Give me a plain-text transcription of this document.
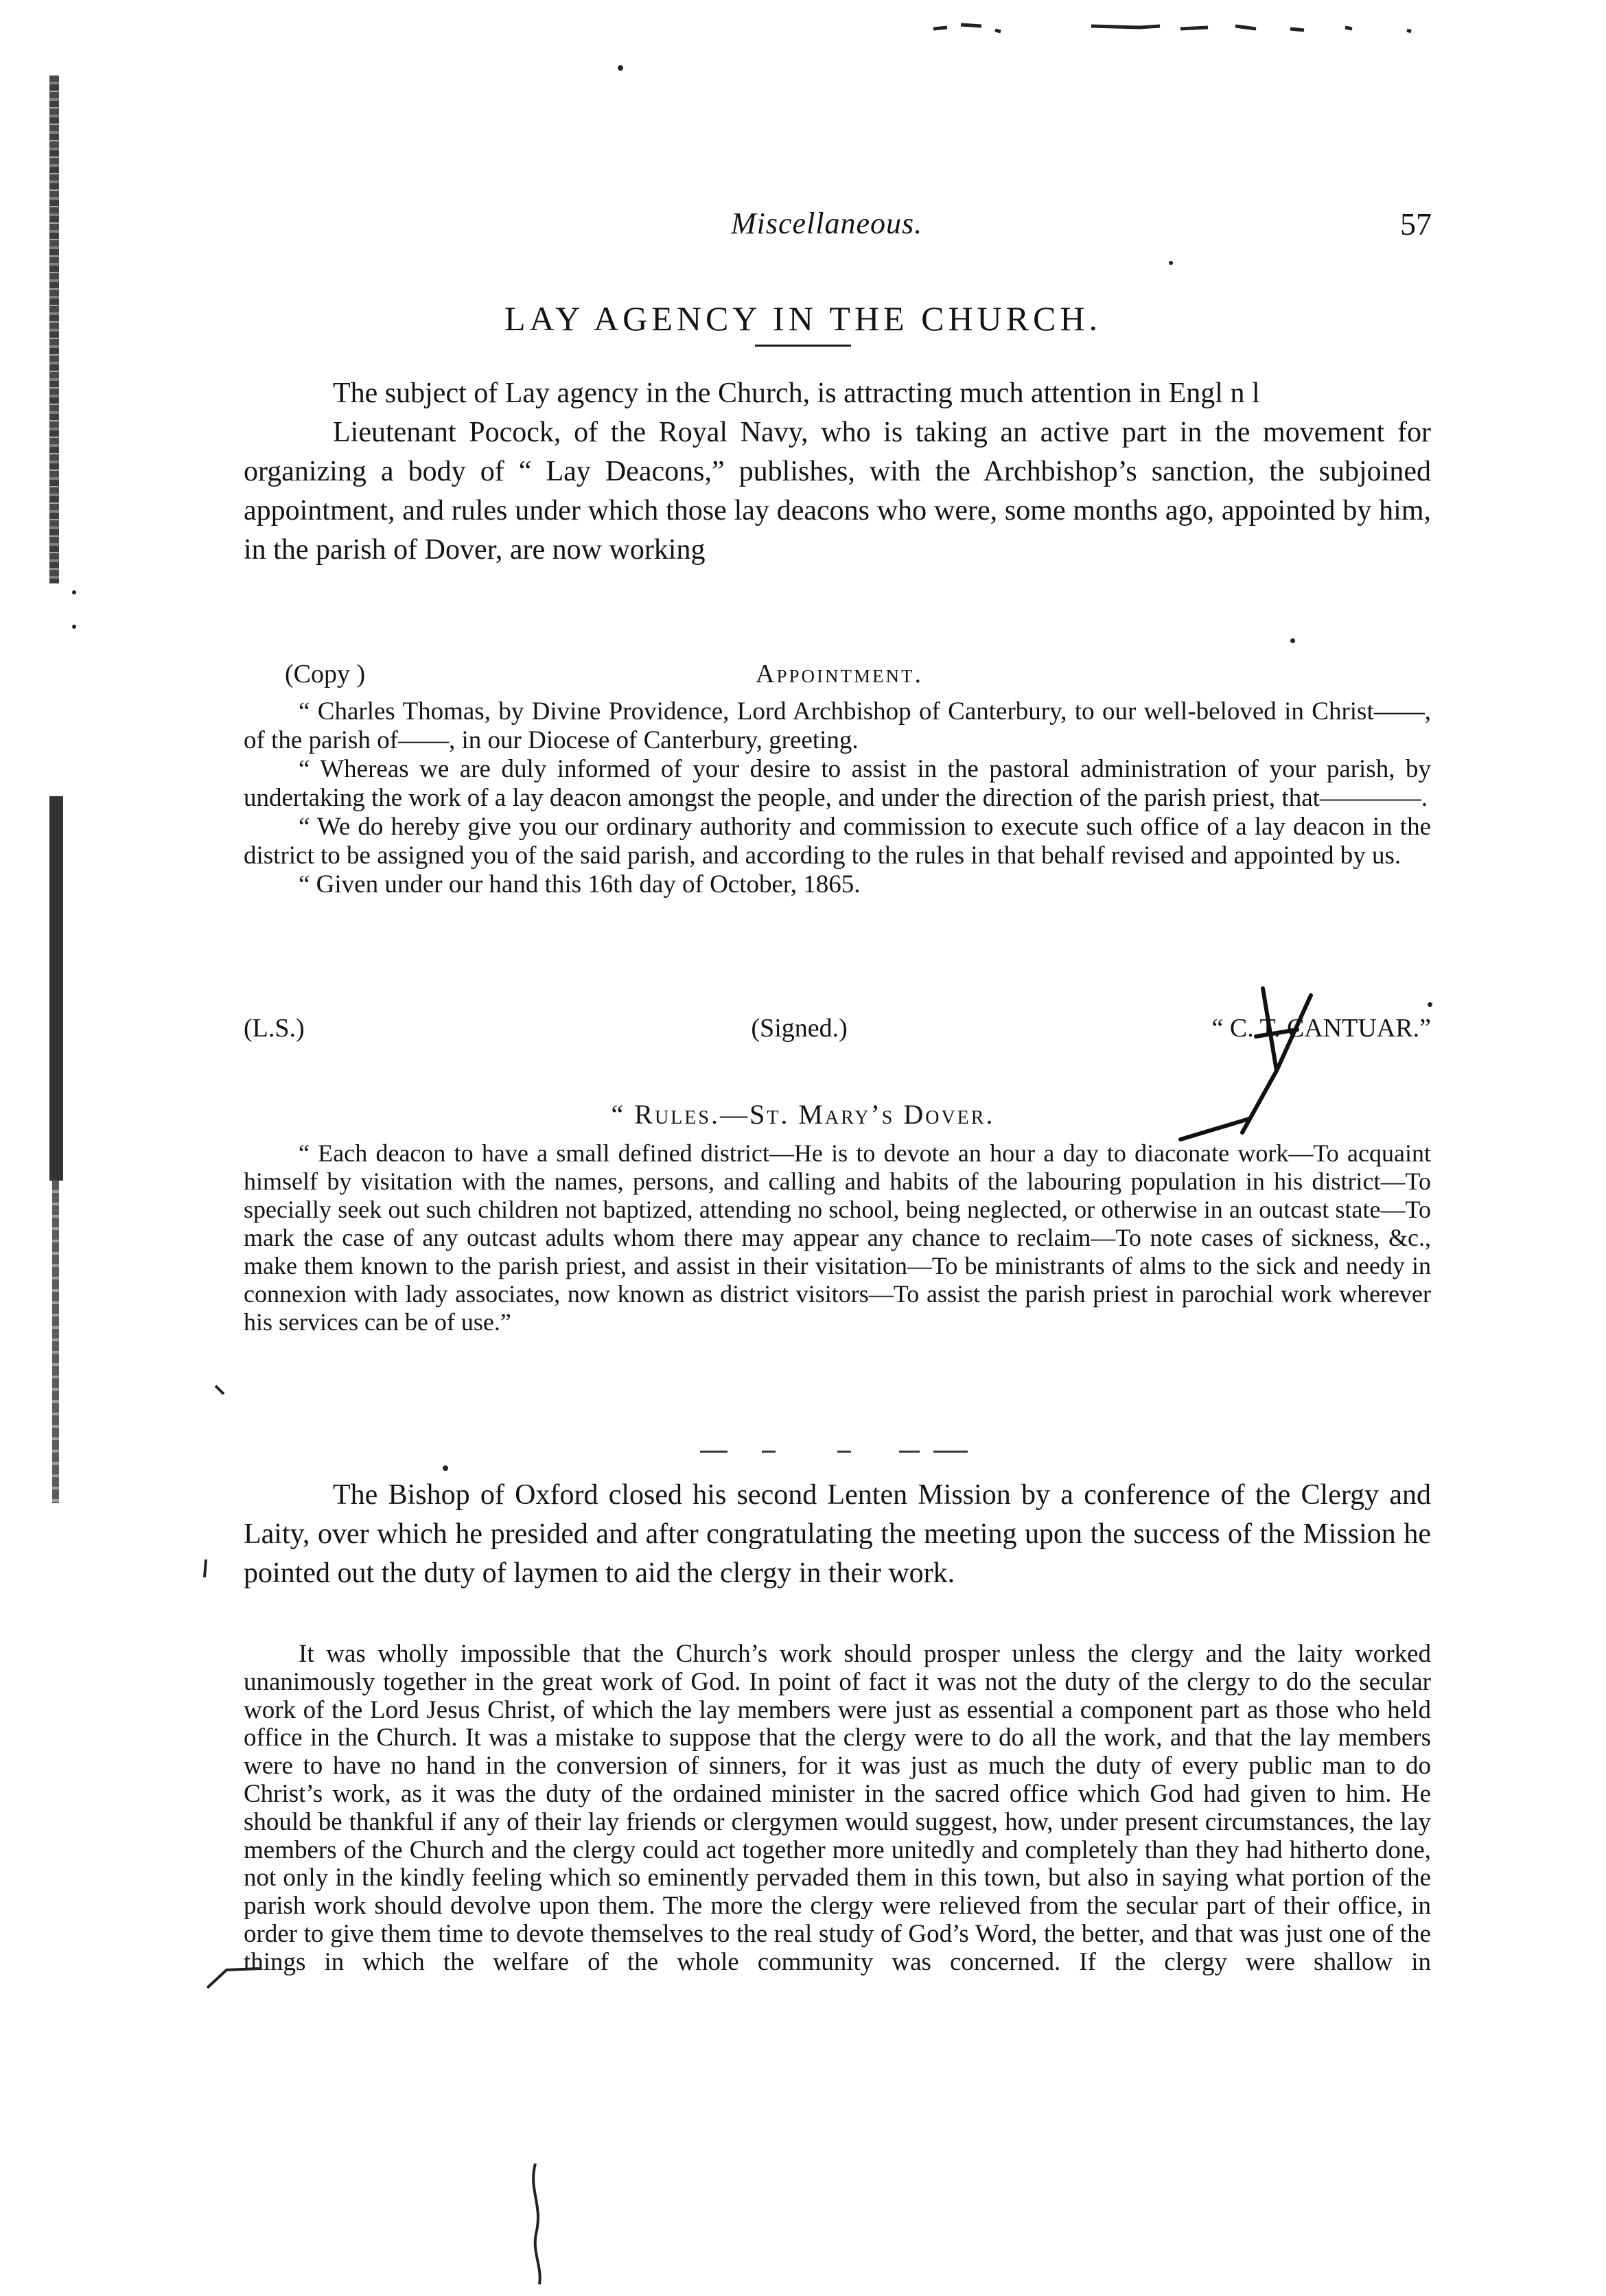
Miscellaneous.	57
LAY AGENCY IN THE CHURCH.

The subject of Lay agency in the Church, is attracting much attention in Engl n l

Lieutenant Pocock, of the Royal Navy, who is taking an active part in the movement for organizing a body of “ Lay Deacons,” publishes, with the Archbishop’s sanction, the subjoined appointment, and rules under which those lay deacons who were, some months ago, appointed by him, in the parish of Dover, are now working

(Copy )	Appointment.

“ Charles Thomas, by Divine Providence, Lord Archbishop of Canterbury, to our well-beloved in Christ——, of the parish of——, in our Diocese of Canterbury, greeting.

“ Whereas we are duly informed of your desire to assist in the pastoral administration of your parish, by undertaking the work of a lay deacon amongst the people, and under the direction of the parish priest, that————.

“ We do hereby give you our ordinary authority and commission to execute such office of a lay deacon in the district to be assigned you of the said parish, and according to the rules in that behalf revised and appointed by us.

“ Given under our hand this 16th day of October, 1865.

(L.S.)	(Signed.)	“ C. T. CANTUAR.”
“ Rules.—St. Mary’s Dover.

“ Each deacon to have a small defined district—He is to devote an hour a day to diaconate work—To acquaint himself by visitation with the names, persons, and calling and habits of the labouring population in his district—To specially seek out such children not baptized, attending no school, being neglected, or otherwise in an outcast state—To mark the case of any outcast adults whom there may appear any chance to reclaim—To note cases of sickness, &c., make them known to the parish priest, and assist in their visitation—To be ministrants of alms to the sick and needy in connexion with lady associates, now known as district visitors—To assist the parish priest in parochial work wherever his services can be of use.”

The Bishop of Oxford closed his second Lenten Mission by a conference of the Clergy and Laity, over which he presided and after congratulating the meeting upon the success of the Mission he pointed out the duty of laymen to aid the clergy in their work.

It was wholly impossible that the Church’s work should prosper unless the clergy and the laity worked unanimously together in the great work of God. In point of fact it was not the duty of the clergy to do the secular work of the Lord Jesus Christ, of which the lay members were just as essential a component part as those who held office in the Church. It was a mistake to suppose that the clergy were to do all the work, and that the lay members were to have no hand in the conversion of sinners, for it was just as much the duty of every public man to do Christ’s work, as it was the duty of the ordained minister in the sacred office which God had given to him. He should be thankful if any of their lay friends or clergymen would suggest, how, under present circumstances, the lay members of the Church and the clergy could act together more unitedly and completely than they had hitherto done, not only in the kindly feeling which so eminently pervaded them in this town, but also in saying what portion of the parish work should devolve upon them. The more the clergy were relieved from the secular part of their office, in order to give them time to devote themselves to the real study of God’s Word, the better, and that was just one of the things in which the welfare of the whole community was concerned. If the clergy were shallow in
